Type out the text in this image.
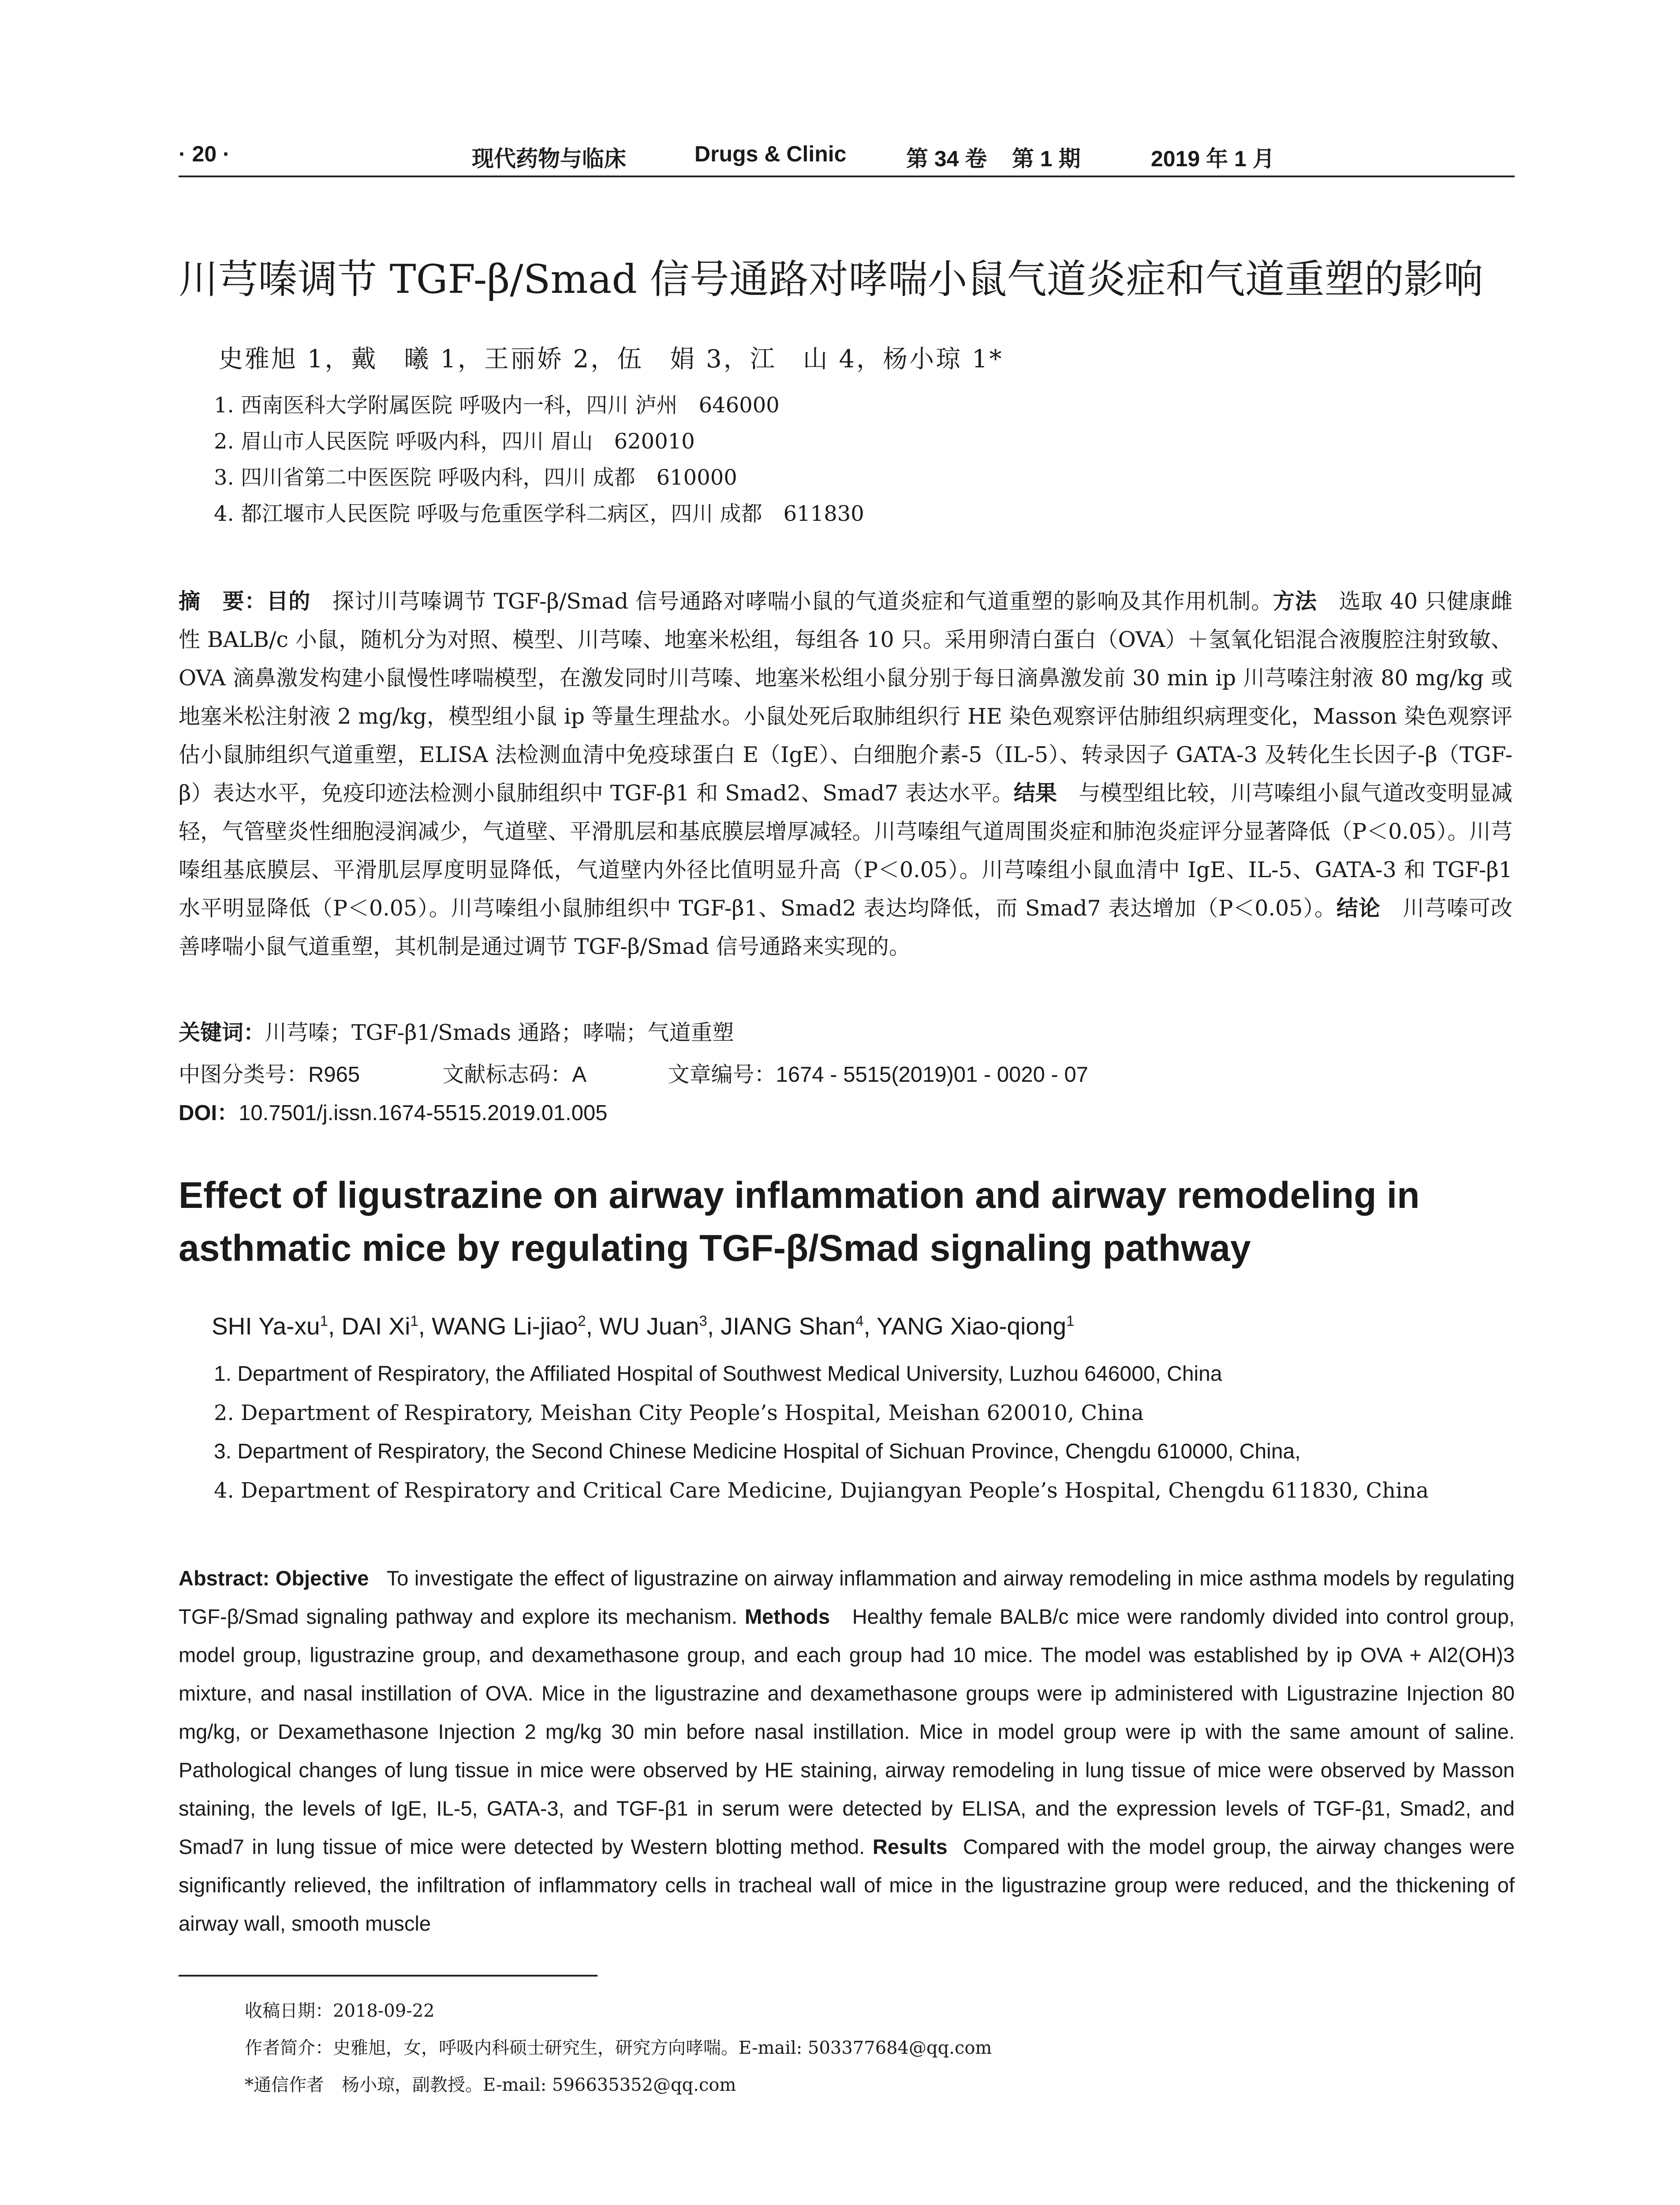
· 20 ·	现代药物与临床	Drugs & Clinic	第 34 卷 第 1 期	2019 年 1 月
川芎嗪调节 TGF-β/Smad 信号通路对哮喘小鼠气道炎症和气道重塑的影响
史雅旭 1，戴　曦 1，王丽娇 2，伍　娟 3，江　山 4，杨小琼 1*
1. 西南医科大学附属医院 呼吸内一科，四川 泸州　646000
2. 眉山市人民医院 呼吸内科，四川 眉山　620010
3. 四川省第二中医医院 呼吸内科，四川 成都　610000
4. 都江堰市人民医院 呼吸与危重医学科二病区，四川 成都　611830
摘　要：目的　 探讨川芎嗪调节 TGF-β/Smad 信号通路对哮喘小鼠的气道炎症和气道重塑的影响及其作用机制。方法　 选取 40 只健康雌性 BALB/c 小鼠，随机分为对照、模型、川芎嗪、地塞米松组，每组各 10 只。采用卵清白蛋白（OVA）＋氢氧化铝混合液腹腔注射致敏、OVA 滴鼻激发构建小鼠慢性哮喘模型，在激发同时川芎嗪、地塞米松组小鼠分别于每日滴鼻激发前 30 min ip 川芎嗪注射液 80 mg/kg 或地塞米松注射液 2 mg/kg，模型组小鼠 ip 等量生理盐水。小鼠处死后取肺组织行 HE 染色观察评估肺组织病理变化，Masson 染色观察评估小鼠肺组织气道重塑，ELISA 法检测血清中免疫球蛋白 E（IgE）、白细胞介素-5（IL-5）、转录因子 GATA-3 及转化生长因子-β（TGF-β）表达水平，免疫印迹法检测小鼠肺组织中 TGF-β1 和 Smad2、Smad7 表达水平。结果　 与模型组比较，川芎嗪组小鼠气道改变明显减轻，气管壁炎性细胞浸润减少，气道壁、平滑肌层和基底膜层增厚减轻。川芎嗪组气道周围炎症和肺泡炎症评分显著降低（P＜0.05）。川芎嗪组基底膜层、平滑肌层厚度明显降低，气道壁内外径比值明显升高（P＜0.05）。川芎嗪组小鼠血清中 IgE、IL-5、GATA-3 和 TGF-β1 水平明显降低（P＜0.05）。川芎嗪组小鼠肺组织中 TGF-β1、Smad2 表达均降低，而 Smad7 表达增加（P＜0.05）。结论　 川芎嗪可改善哮喘小鼠气道重塑，其机制是通过调节 TGF-β/Smad 信号通路来实现的。
关键词：川芎嗪；TGF-β1/Smads 通路；哮喘；气道重塑
中图分类号：R965	文献标志码：A	文章编号：1674 - 5515(2019)01 - 0020 - 07
DOI：10.7501/j.issn.1674-5515.2019.01.005
Effect of ligustrazine on airway inflammation and airway remodeling in asthmatic mice by regulating TGF-β/Smad signaling pathway
SHI $Ya-xu^1$, DAI Xi$^1$, WANG Li-jiao$^2$, WU Juan$^3$, JIANG Shan$^4$, YANG Xiao-qiong$^1$
1. Department of Respiratory, the Affiliated Hospital of Southwest Medical University, Luzhou 646000, China
2. Department of Respiratory, Meishan City People’s Hospital, Meishan 620010, China
3. Department of Respiratory, the Second Chinese Medicine Hospital of Sichuan Province, Chengdu 610000, China,
4. Department of Respiratory and Critical Care Medicine, Dujiangyan People’s Hospital, Chengdu 611830, China
Abstract: Objective To investigate the effect of ligustrazine on airway inflammation and airway remodeling in mice asthma models by regulating TGF-β/Smad signaling pathway and explore its mechanism. Methods Healthy female BALB/c mice were randomly divided into control group, model group, ligustrazine group, and dexamethasone group, and each group had 10 mice. The model was established by ip OVA + Al2(OH)3 mixture, and nasal instillation of OVA. Mice in the ligustrazine and dexamethasone groups were ip administered with Ligustrazine Injection 80 mg/kg, or Dexamethasone Injection 2 mg/kg 30 min before nasal instillation. Mice in model group were ip with the same amount of saline. Pathological changes of lung tissue in mice were observed by HE staining, airway remodeling in lung tissue of mice were observed by Masson staining, the levels of IgE, IL-5, GATA-3, and TGF-β1 in serum were detected by ELISA, and the expression levels of TGF-β1, Smad2, and Smad7 in lung tissue of mice were detected by Western blotting method. Results Compared with the model group, the airway changes were significantly relieved, the infiltration of inflammatory cells in tracheal wall of mice in the ligustrazine group were reduced, and the thickening of airway wall, smooth muscle
收稿日期：2018-09-22
作者简介：史雅旭，女，呼吸内科硕士研究生，研究方向哮喘。E-mail: 503377684@qq.com
*通信作者　杨小琼，副教授。E-mail: 596635352@qq.com
